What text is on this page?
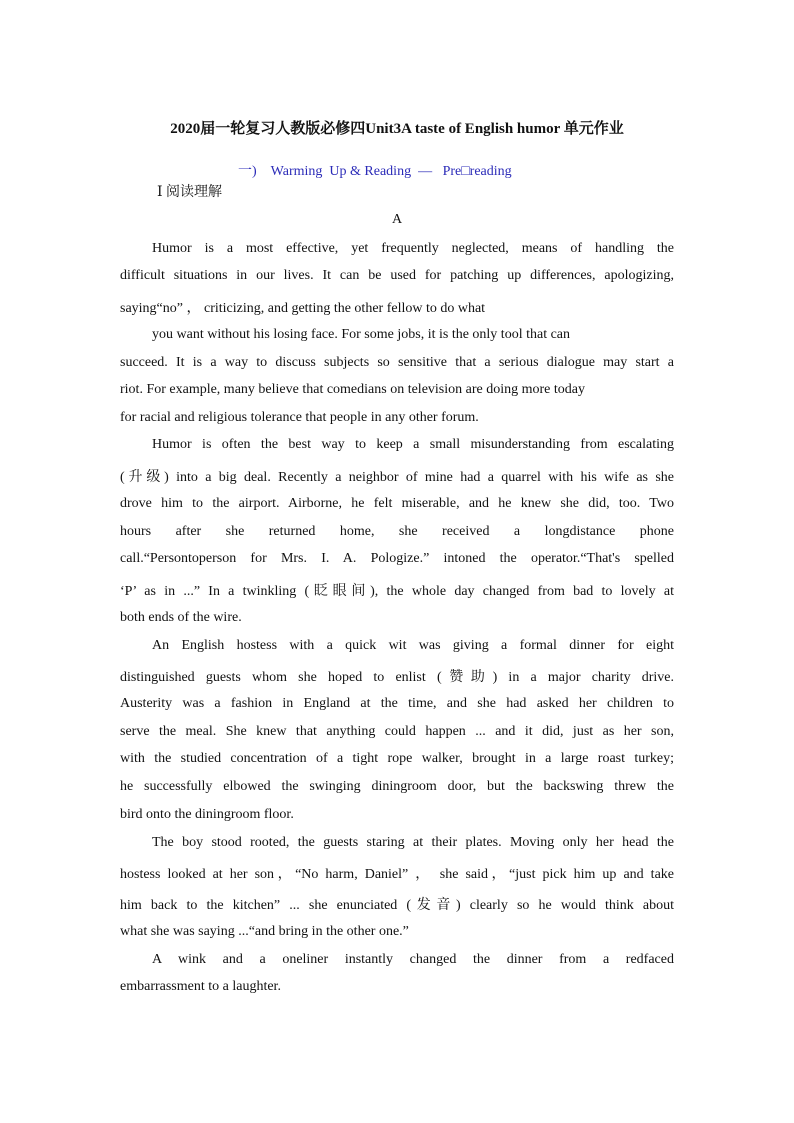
2020届一轮复习人教版必修四Unit3A taste of English humor 单元作业
一)    Warming  Up & Reading  —   Pre□reading
Ⅰ 阅读理解
A
Humor is a most effective, yet frequently neglected, means of handling the
difficult situations in our lives. It can be used for patching up differences, apologizing,
saying“no” ， criticizing, and getting the other fellow to do what
you want without his losing face. For some jobs, it is the only tool that can
succeed. It is a way to discuss subjects so sensitive that a serious dialogue may start a
riot. For example, many believe that comedians on television are doing more today
for racial and religious tolerance that people in any other forum.
Humor is often the best way to keep a small misunderstanding from escalating
(升级) into a big deal. Recently a neighbor of mine had a quarrel with his wife as she
drove him to the airport. Airborne, he felt miserable, and he knew she did, too. Two
hours after she returned home, she received a longdistance phone
call.“Persontoperson for Mrs. I. A. Pologize.” intoned the operator.“That's spelled
‘P’ as in ...” In a twinkling (眨眼间), the whole day changed from bad to lovely at
both ends of the wire.
An English hostess with a quick wit was giving a formal dinner for eight
distinguished guests whom she hoped to enlist (赞助) in a major charity drive.
Austerity was a fashion in England at the time, and she had asked her children to
serve the meal. She knew that anything could happen ... and it did, just as her son,
with the studied concentration of a tight rope walker, brought in a large roast turkey;
he successfully elbowed the swinging diningroom door, but the backswing threw the
bird onto the diningroom floor.
The boy stood rooted, the guests staring at their plates. Moving only her head the
hostess looked at her son，“No harm, Daniel” ， she said，“just pick him up and take
him back to the kitchen” ... she enunciated (发音) clearly so he would think about
what she was saying ...“and bring in the other one.”
A wink and a oneliner instantly changed the dinner from a redfaced
embarrassment to a laughter.
